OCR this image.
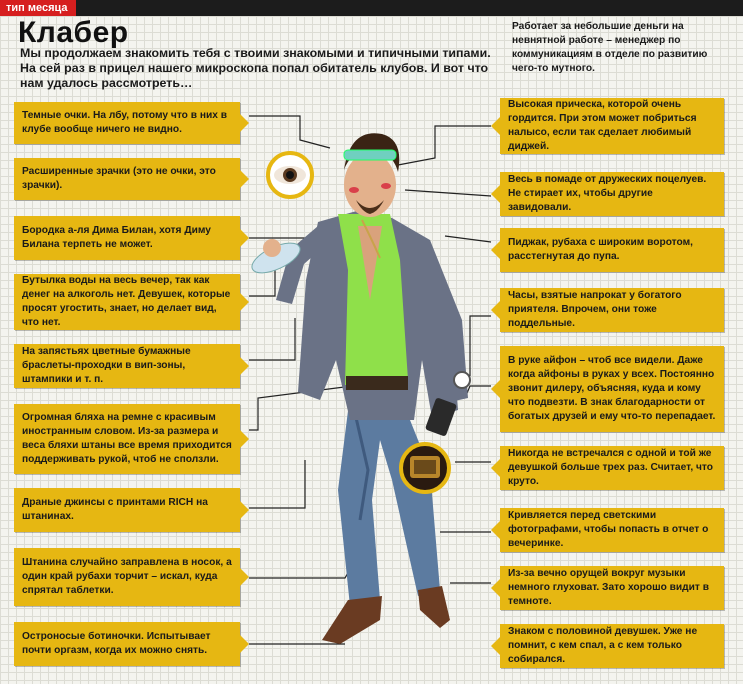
тип месяца
Клабер
Мы продолжаем знакомить тебя с твоими знакомыми и типичными типами. На сей раз в прицел нашего микроскопа попал обитатель клубов. И вот что нам удалось рассмотреть…
Работает за небольшие деньги на невнятной работе – менеджер по коммуникациям в отделе по развитию чего-то мутного.
Темные очки. На лбу, потому что в них в клубе вообще ничего не видно.
Расширенные зрачки (это не очки, это зрачки).
Бородка а-ля Дима Билан, хотя Диму Билана терпеть не может.
Бутылка воды на весь вечер, так как денег на алкоголь нет. Девушек, которые просят угостить, знает, но делает вид, что нет.
На запястьях цветные бумажные браслеты-проходки в вип-зоны, штампики и т. п.
Огромная бляха на ремне с красивым иностранным словом. Из-за размера и веса бляхи штаны все время приходится поддерживать рукой, чтоб не сползли.
Драные джинсы с принтами RICH на штанинах.
Штанина случайно заправлена в носок, а один край рубахи торчит – искал, куда спрятал таблетки.
Остроносые ботиночки. Испытывает почти оргазм, когда их можно снять.
Высокая прическа, которой очень гордится. При этом может побриться налысо, если так сделает любимый диджей.
Весь в помаде от дружеских поцелуев. Не стирает их, чтобы другие завидовали.
Пиджак, рубаха с широким воротом, расстегнутая до пупа.
Часы, взятые напрокат у богатого приятеля. Впрочем, они тоже поддельные.
В руке айфон – чтоб все видели. Даже когда айфоны в руках у всех. Постоянно звонит дилеру, объясняя, куда и кому что подвезти. В знак благодарности от богатых друзей и ему что-то перепадает.
Никогда не встречался с одной и той же девушкой больше трех раз. Считает, что круто.
Кривляется перед светскими фотографами, чтобы попасть в отчет о вечеринке.
Из-за вечно орущей вокруг музыки немного глуховат. Зато хорошо видит в темноте.
Знаком с половиной девушек. Уже не помнит, с кем спал, а с кем только собирался.
